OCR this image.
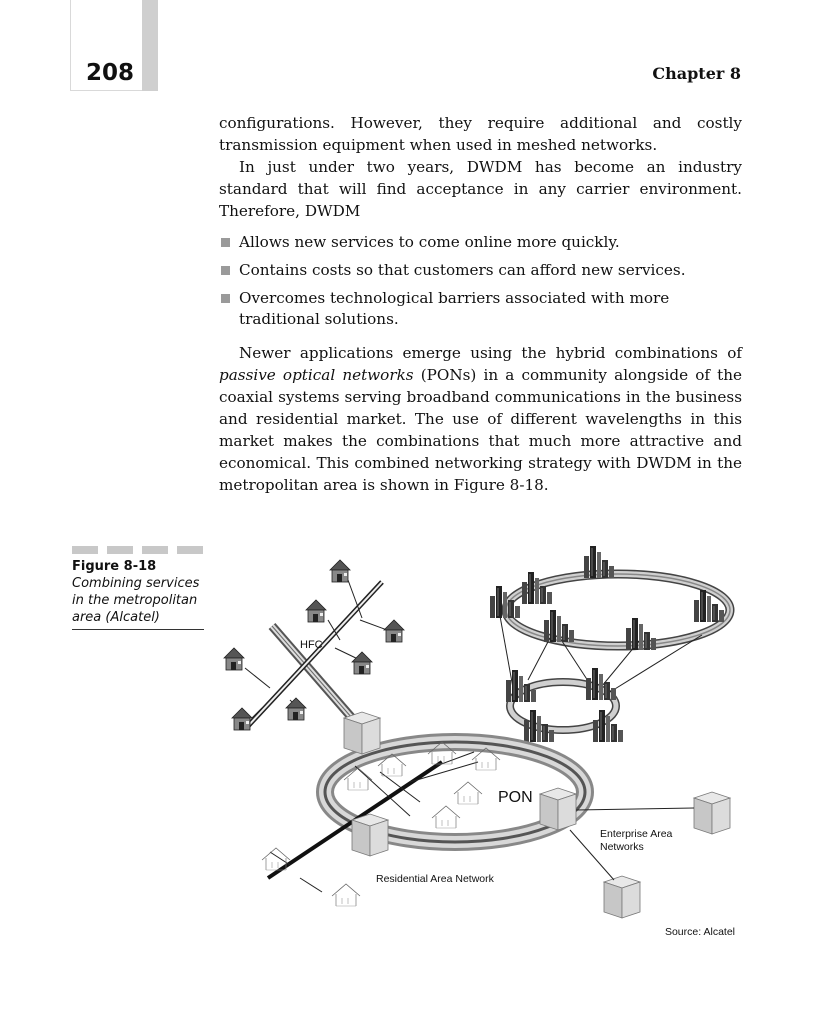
208	Chapter 8
configurations. However, they require additional and costly transmission equipment when used in meshed networks.
In just under two years, DWDM has become an industry standard that will find acceptance in any carrier environment. Therefore, DWDM
Allows new services to come online more quickly.
Contains costs so that customers can afford new services.
Overcomes technological barriers associated with more traditional solutions.
Newer applications emerge using the hybrid combinations of passive optical networks (PONs) in a community alongside of the coaxial systems serving broadband communications in the business and residential market. The use of different wavelengths in this market makes the combinations that much more attractive and economical. This combined networking strategy with DWDM in the metropolitan area is shown in Figure 8-18.
Figure 8-18
Combining services in the metropolitan area (Alcatel)
HFC
PON
Enterprise Area Networks
Residential Area Network
Source: Alcatel
